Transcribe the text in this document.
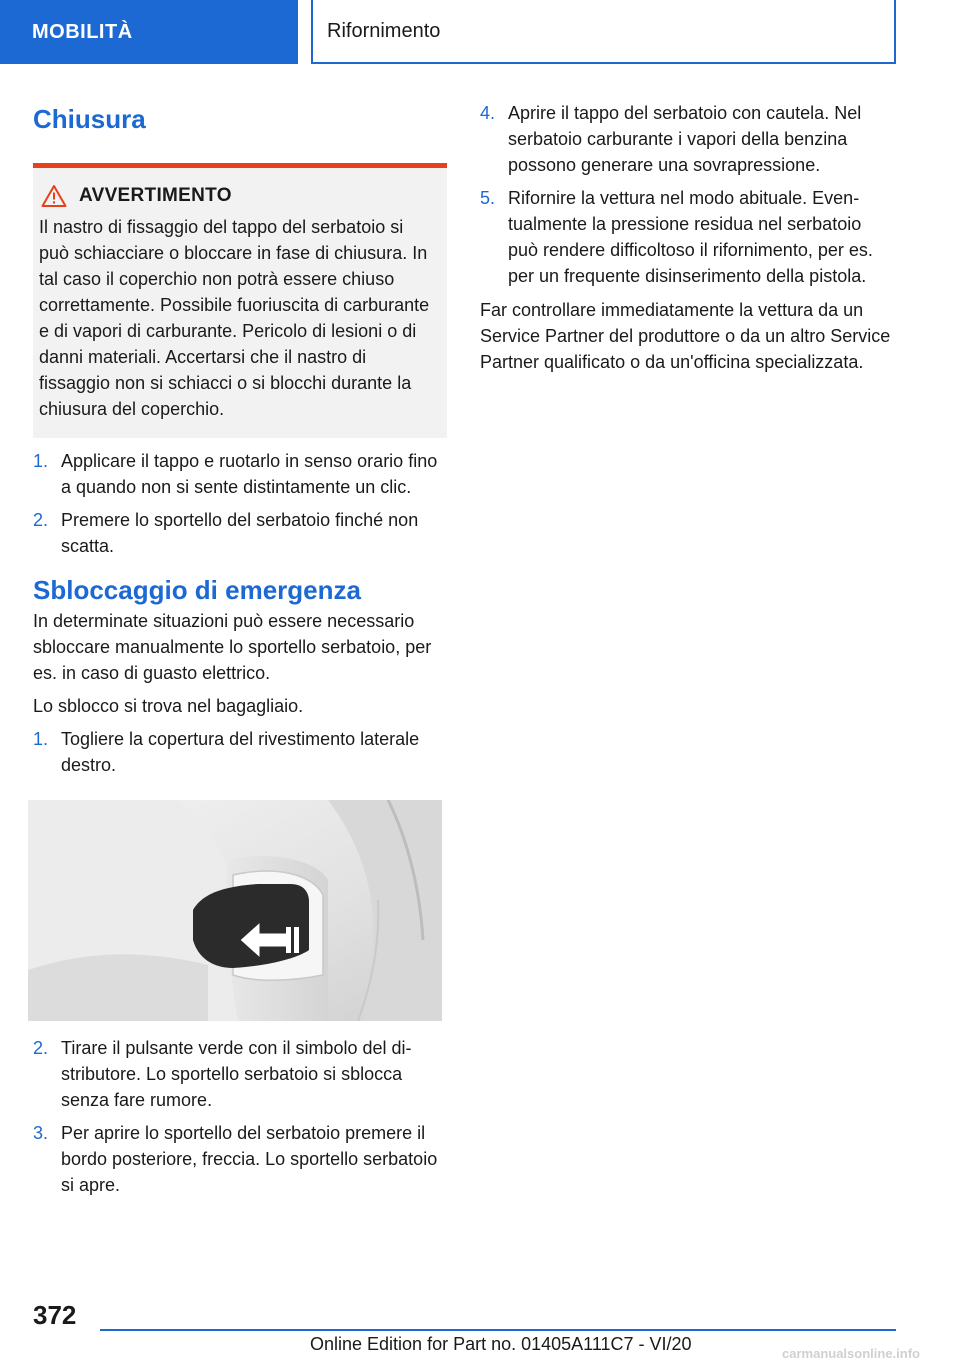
MOBILITÀ	Rifornimento
Chiusura
AVVERTIMENTO

Il nastro di fissaggio del tappo del serbatoio si può schiacciare o bloccare in fase di chiusura. In tal caso il coperchio non potrà essere chiuso correttamente. Possibile fuoriuscita di carburante e di vapori di carburante. Pericolo di lesioni o di danni materiali. Accertarsi che il nastro di fissaggio non si schiacci o si blocchi durante la chiusura del coperchio.

1. Applicare il tappo e ruotarlo in senso orario fino a quando non si sente distintamente un clic.
2. Premere lo sportello del serbatoio finché non scatta.
Sbloccaggio di emergenza

In determinate situazioni può essere necessario sbloccare manualmente lo sportello serbatoio, per es. in caso di guasto elettrico.

Lo sblocco si trova nel bagagliaio.

1. Togliere la copertura del rivestimento laterale destro.
2. Tirare il pulsante verde con il simbolo del distributore. Lo sportello serbatoio si sblocca senza fare rumore.
3. Per aprire lo sportello del serbatoio premere il bordo posteriore, freccia. Lo sportello serbatoio si apre.
4. Aprire il tappo del serbatoio con cautela. Nel serbatoio carburante i vapori della benzina possono generare una sovrapressione.
5. Rifornire la vettura nel modo abituale. Eventualmente la pressione residua nel serbatoio può rendere difficoltoso il rifornimento, per es. per un frequente disinserimento della pistola.

Far controllare immediatamente la vettura da un Service Partner del produttore o da un altro Service Partner qualificato o da un'officina specializzata.

372
Online Edition for Part no. 01405A111C7 - VI/20	carmanualsonline.info
